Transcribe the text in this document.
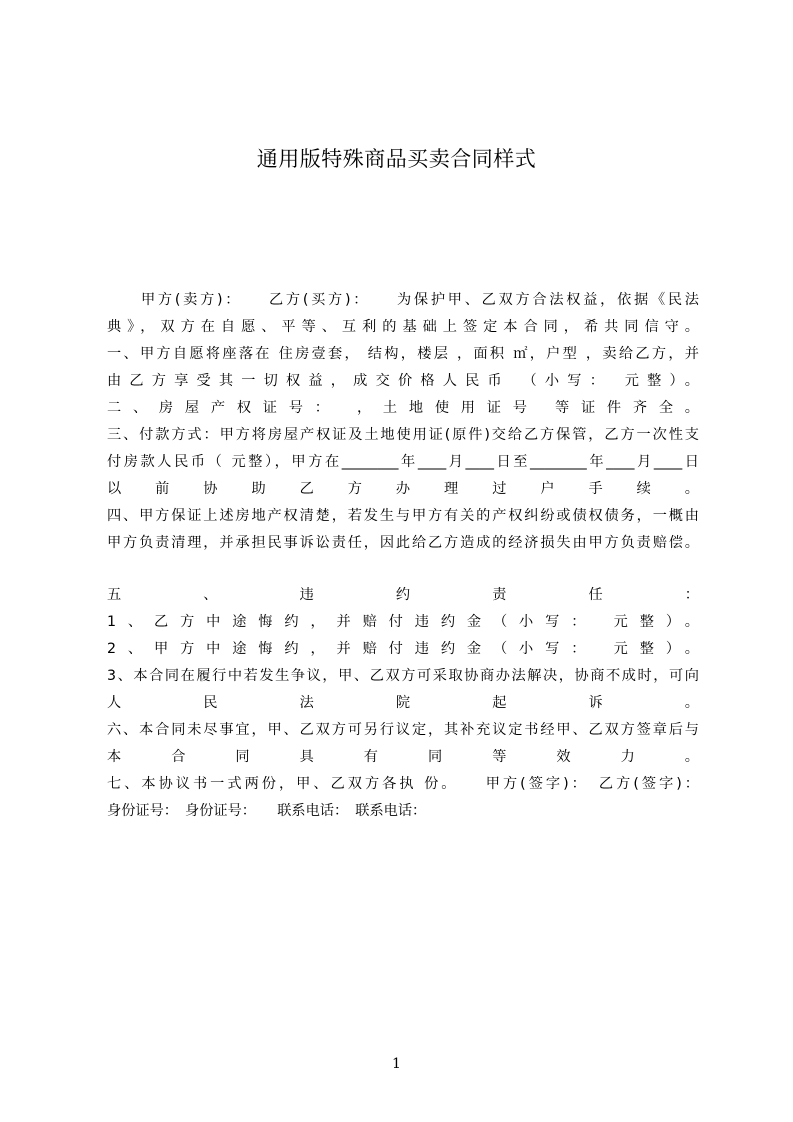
通用版特殊商品买卖合同样式
甲方(卖方)：　　乙方(买方)：　　为保护甲、乙双方合法权益，依据《民法
典》，双方在自愿、平等、互利的基础上签定本合同，希共同信守。
一、甲方自愿将座落在 住房壹套， 结构，楼层 ，面积 ㎡，户型 ，卖给乙方，并
由乙方享受其一切权益，成交价格人民币 （小写： 元整）。
二、房屋产权证号： ，土地使用证号 等证件齐全。
三、付款方式：甲方将房屋产权证及土地使用证(原件)交给乙方保管，乙方一次性支
付房款人民币（ 元整），甲方在________年____月____日至________年____月____日
以前协助乙方办理过户手续。
四、甲方保证上述房地产权清楚，若发生与甲方有关的产权纠纷或债权债务，一概由
甲方负责清理，并承担民事诉讼责任，因此给乙方造成的经济损失由甲方负责赔偿。
五、违约责任：
1、乙方中途悔约，并赔付违约金（小写： 元整）。
2、甲方中途悔约，并赔付违约金（小写： 元整）。
3、本合同在履行中若发生争议，甲、乙双方可采取协商办法解决，协商不成时，可向
人民法院起诉。
六、本合同未尽事宜，甲、乙双方可另行议定，其补充议定书经甲、乙双方签章后与
本合同具有同等效力。
七、本协议书一式两份，甲、乙双方各执 份。　　甲方(签字)：　乙方(签字)：
身份证号：　身份证号：　　联系电话：　联系电话：
1
